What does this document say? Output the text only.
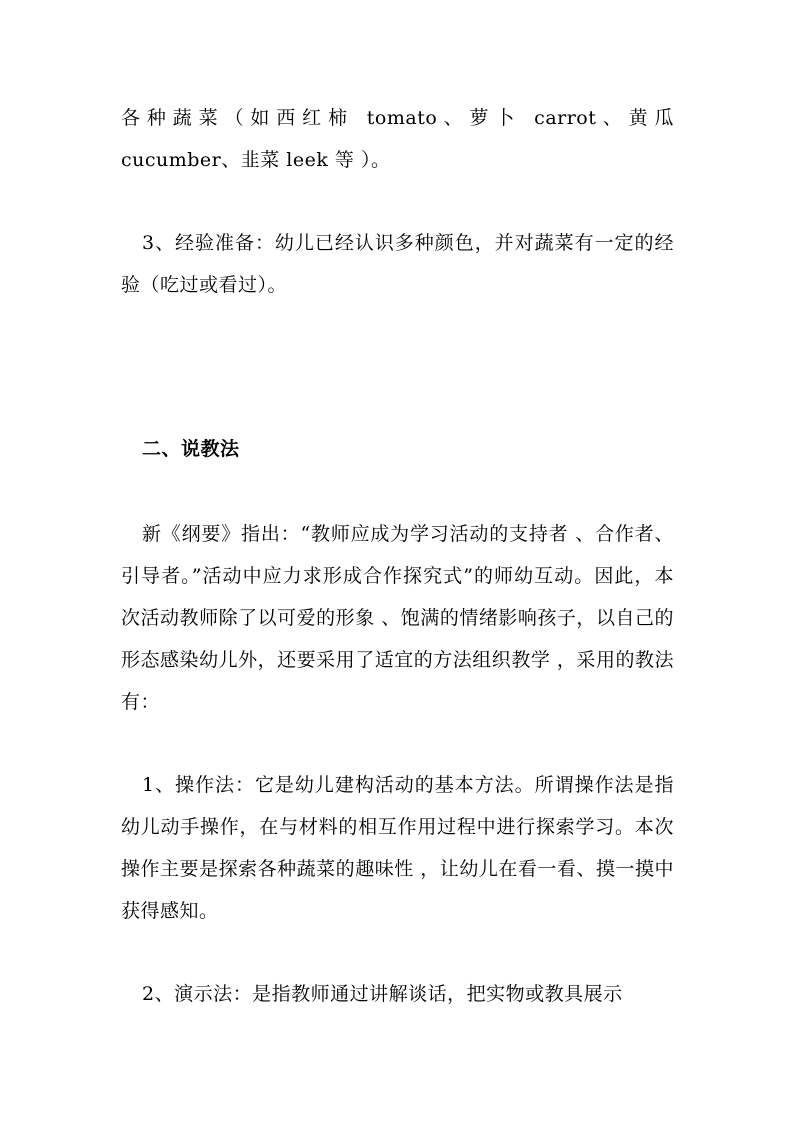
各种蔬菜（如西红柿 tomato、萝卜 carrot、黄瓜 cucumber、韭菜 leek 等 ）。

3、经验准备：幼儿已经认识多种颜色，并对蔬菜有一定的经验（吃过或看过）。

二、说教法

新《纲要》指出：“教师应成为学习活动的支持者 、合作者、引导者。”活动中应力求形成合作探究式”的师幼互动。因此，本次活动教师除了以可爱的形象 、饱满的情绪影响孩子，以自己的形态感染幼儿外，还要采用了适宜的方法组织教学 ，采用的教法有：

1、操作法：它是幼儿建构活动的基本方法。所谓操作法是指幼儿动手操作，在与材料的相互作用过程中进行探索学习。本次操作主要是探索各种蔬菜的趣味性 ，让幼儿在看一看、摸一摸中获得感知。

2、演示法：是指教师通过讲解谈话，把实物或教具展示
